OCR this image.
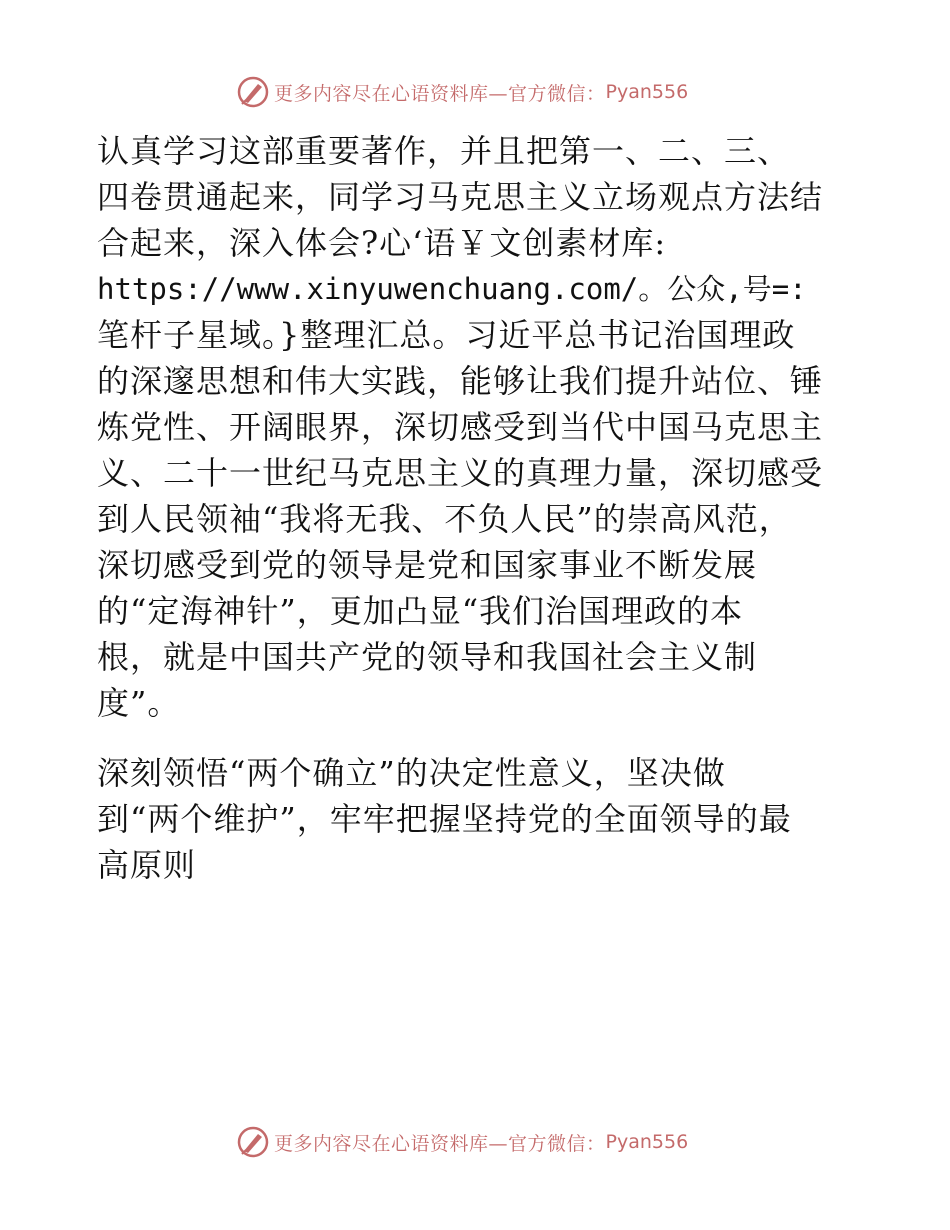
更多内容尽在心语资料库—官方微信： Pyan556
认真学习这部重要著作，并且把第一、二、三、
四卷贯通起来，同学习马克思主义立场观点方法结
合起来，深入体会?心‘语￥文创素材库:
https://www.xinyuwenchuang.com/。公众,号=:
笔杆子星域。}整理汇总。习近平总书记治国理政
的深邃思想和伟大实践，能够让我们提升站位、锤
炼党性、开阔眼界，深切感受到当代中国马克思主
义、二十一世纪马克思主义的真理力量，深切感受
到人民领袖“我将无我、不负人民”的崇高风范，
深切感受到党的领导是党和国家事业不断发展
的“定海神针”，更加凸显“我们治国理政的本
根，就是中国共产党的领导和我国社会主义制
度”。
深刻领悟“两个确立”的决定性意义，坚决做
到“两个维护”，牢牢把握坚持党的全面领导的最
高原则
更多内容尽在心语资料库—官方微信： Pyan556
